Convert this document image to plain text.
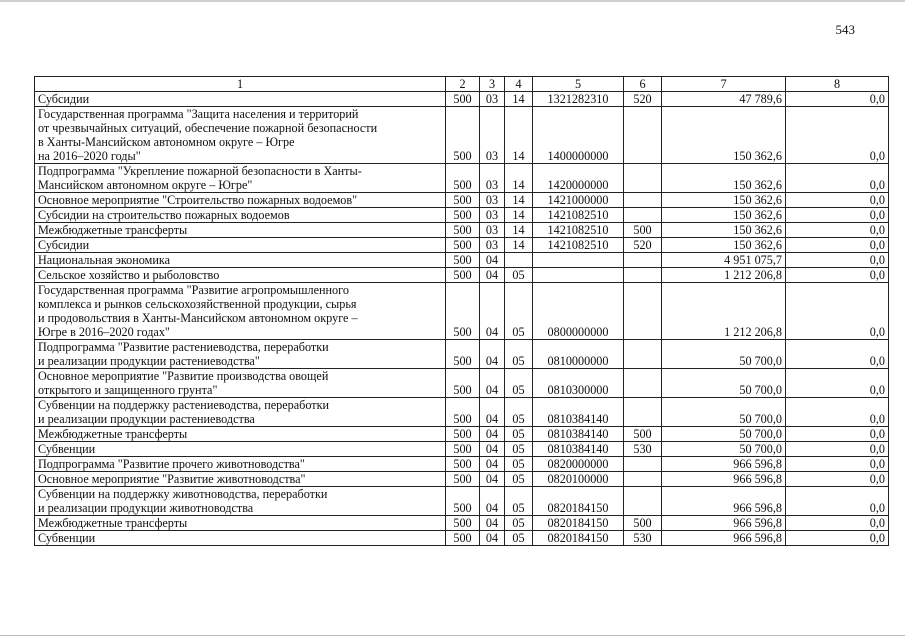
543
1	2	3	4	5	6	7	8
Субсидии	500	03	14	1321282310	520	47 789,6	0,0
Государственная программа "Защита населения и территорий
от чрезвычайных ситуаций, обеспечение пожарной безопасности
в Ханты-Мансийском автономном округе – Югре
на 2016–2020 годы"	500	03	14	1400000000		150 362,6	0,0
Подпрограмма "Укрепление пожарной безопасности в Ханты-
Мансийском автономном округе – Югре"	500	03	14	1420000000		150 362,6	0,0
Основное мероприятие "Строительство пожарных водоемов"	500	03	14	1421000000		150 362,6	0,0
Субсидии на строительство пожарных водоемов	500	03	14	1421082510		150 362,6	0,0
Межбюджетные трансферты	500	03	14	1421082510	500	150 362,6	0,0
Субсидии	500	03	14	1421082510	520	150 362,6	0,0
Национальная экономика	500	04				4 951 075,7	0,0
Сельское хозяйство и рыболовство	500	04	05			1 212 206,8	0,0
Государственная программа "Развитие агропромышленного
комплекса и рынков сельскохозяйственной продукции, сырья
и продовольствия в Ханты-Мансийском автономном округе –
Югре в 2016–2020 годах"	500	04	05	0800000000		1 212 206,8	0,0
Подпрограмма "Развитие растениеводства, переработки
и реализации продукции растениеводства"	500	04	05	0810000000		50 700,0	0,0
Основное мероприятие "Развитие производства овощей
открытого и защищенного грунта"	500	04	05	0810300000		50 700,0	0,0
Субвенции на поддержку растениеводства, переработки
и реализации продукции растениеводства	500	04	05	0810384140		50 700,0	0,0
Межбюджетные трансферты	500	04	05	0810384140	500	50 700,0	0,0
Субвенции	500	04	05	0810384140	530	50 700,0	0,0
Подпрограмма "Развитие прочего животноводства"	500	04	05	0820000000		966 596,8	0,0
Основное мероприятие "Развитие животноводства"	500	04	05	0820100000		966 596,8	0,0
Субвенции на поддержку животноводства, переработки
и реализации продукции животноводства	500	04	05	0820184150		966 596,8	0,0
Межбюджетные трансферты	500	04	05	0820184150	500	966 596,8	0,0
Субвенции	500	04	05	0820184150	530	966 596,8	0,0
